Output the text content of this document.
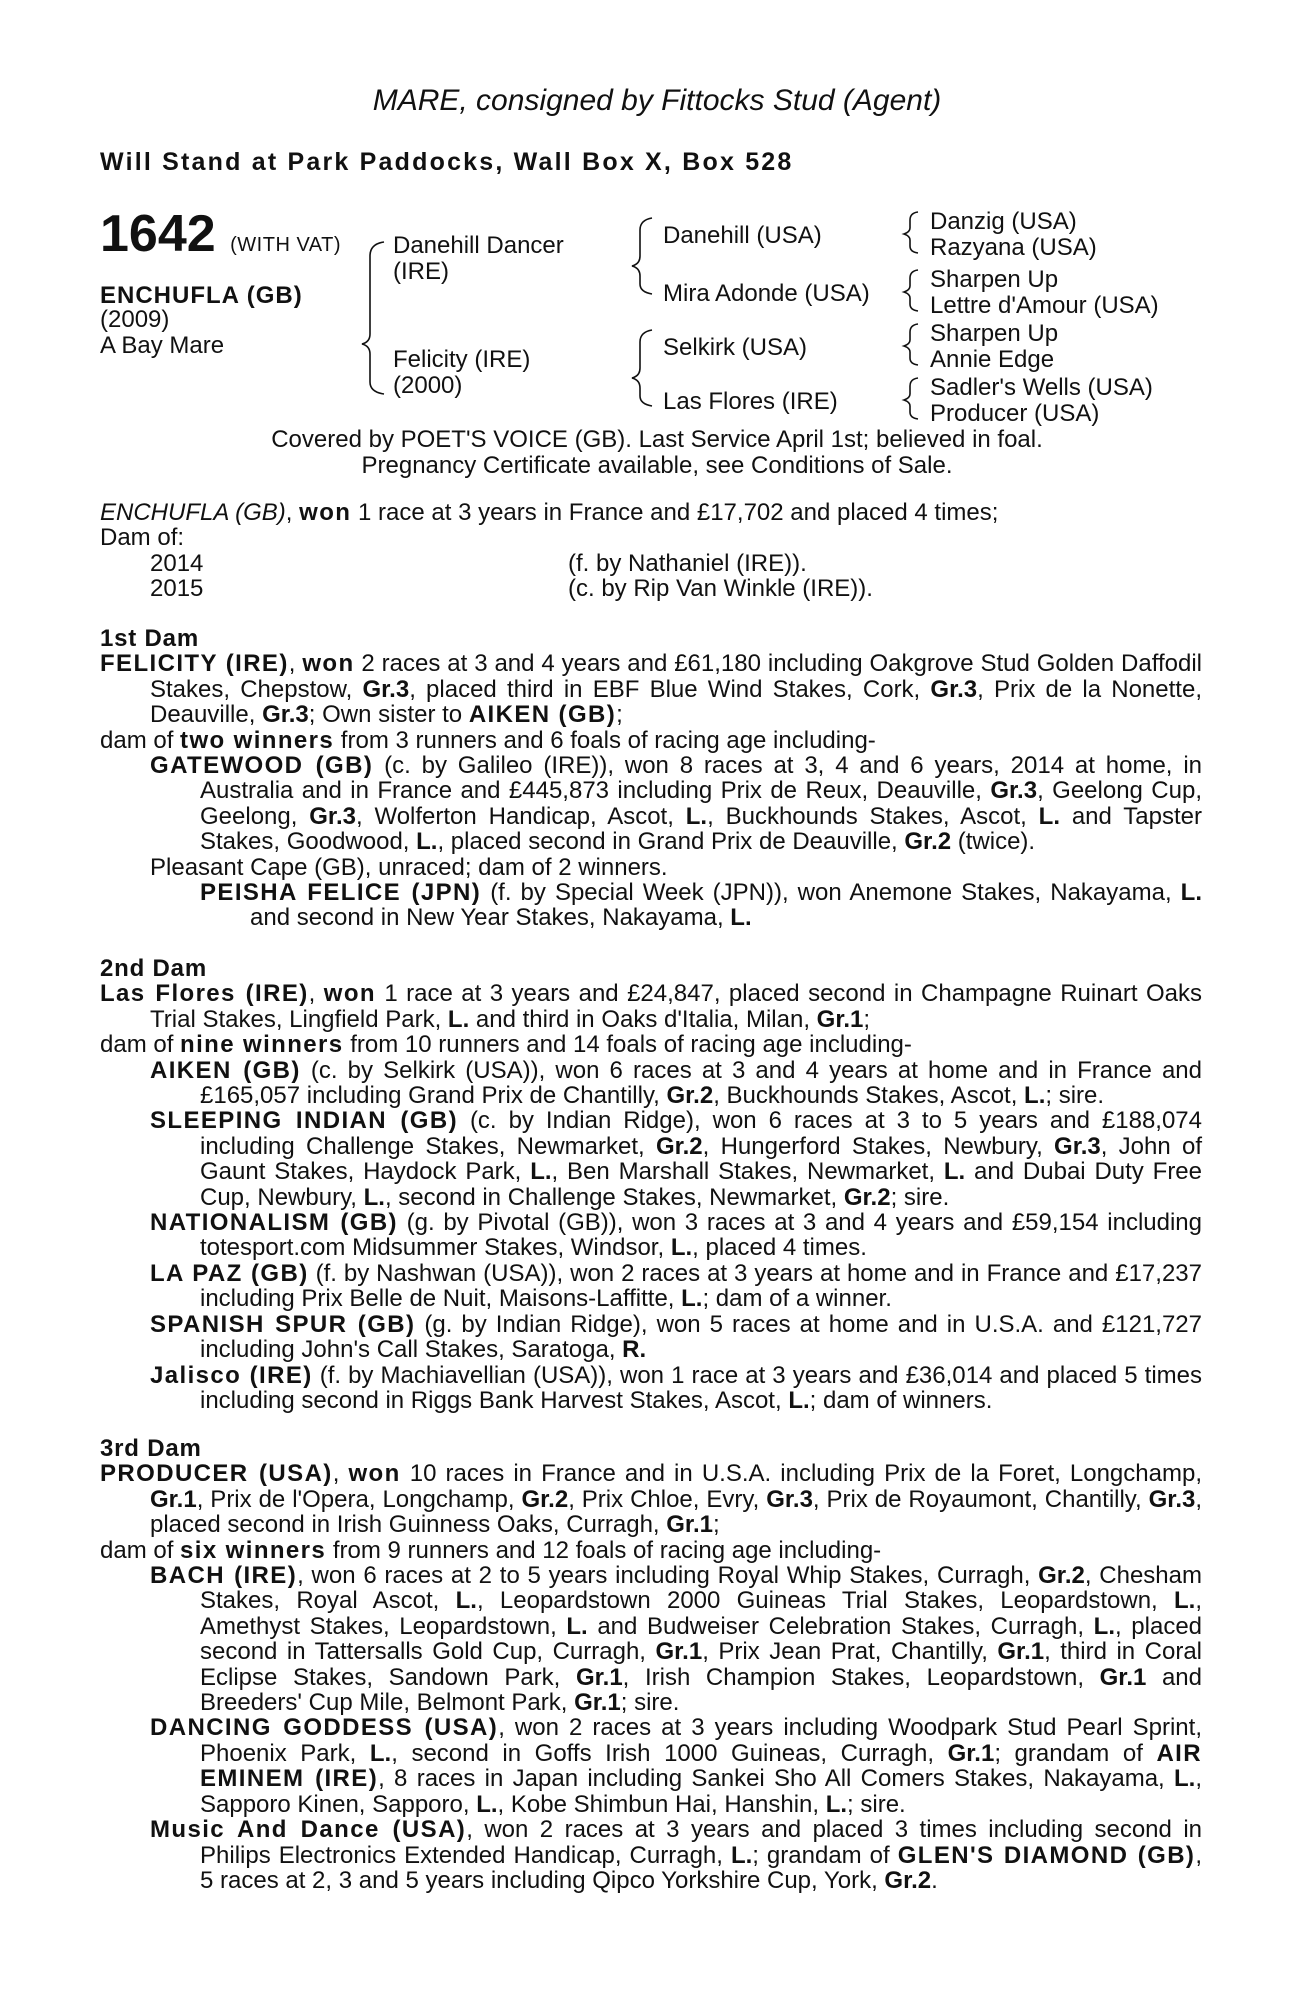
MARE, consigned by Fittocks Stud (Agent)
Will Stand at Park Paddocks, Wall Box X, Box 528
1642 (WITH VAT)
ENCHUFLA (GB)
(2009)
A Bay Mare
Danehill Dancer
(IRE)
Felicity (IRE)
(2000)
Danehill (USA)
Mira Adonde (USA)
Selkirk (USA)
Las Flores (IRE)
Danzig (USA)
Razyana (USA)
Sharpen Up
Lettre d'Amour (USA)
Sharpen Up
Annie Edge
Sadler's Wells (USA)
Producer (USA)
Covered by POET'S VOICE (GB). Last Service April 1st; believed in foal.
Pregnancy Certificate available, see Conditions of Sale.
ENCHUFLA (GB), won 1 race at 3 years in France and £17,702 and placed 4 times;
Dam of:
2014	(f. by Nathaniel (IRE)).
2015	(c. by Rip Van Winkle (IRE)).
1st Dam
FELICITY (IRE), won 2 races at 3 and 4 years and £61,180 including Oakgrove Stud Golden Daffodil Stakes, Chepstow, Gr.3, placed third in EBF Blue Wind Stakes, Cork, Gr.3, Prix de la Nonette, Deauville, Gr.3; Own sister to AIKEN (GB);
dam of two winners from 3 runners and 6 foals of racing age including-
GATEWOOD (GB) (c. by Galileo (IRE)), won 8 races at 3, 4 and 6 years, 2014 at home, in Australia and in France and £445,873 including Prix de Reux, Deauville, Gr.3, Geelong Cup, Geelong, Gr.3, Wolferton Handicap, Ascot, L., Buckhounds Stakes, Ascot, L. and Tapster Stakes, Goodwood, L., placed second in Grand Prix de Deauville, Gr.2 (twice).
Pleasant Cape (GB), unraced; dam of 2 winners.
PEISHA FELICE (JPN) (f. by Special Week (JPN)), won Anemone Stakes, Nakayama, L. and second in New Year Stakes, Nakayama, L.
2nd Dam
Las Flores (IRE), won 1 race at 3 years and £24,847, placed second in Champagne Ruinart Oaks Trial Stakes, Lingfield Park, L. and third in Oaks d'Italia, Milan, Gr.1;
dam of nine winners from 10 runners and 14 foals of racing age including-
AIKEN (GB) (c. by Selkirk (USA)), won 6 races at 3 and 4 years at home and in France and £165,057 including Grand Prix de Chantilly, Gr.2, Buckhounds Stakes, Ascot, L.; sire.
SLEEPING INDIAN (GB) (c. by Indian Ridge), won 6 races at 3 to 5 years and £188,074 including Challenge Stakes, Newmarket, Gr.2, Hungerford Stakes, Newbury, Gr.3, John of Gaunt Stakes, Haydock Park, L., Ben Marshall Stakes, Newmarket, L. and Dubai Duty Free Cup, Newbury, L., second in Challenge Stakes, Newmarket, Gr.2; sire.
NATIONALISM (GB) (g. by Pivotal (GB)), won 3 races at 3 and 4 years and £59,154 including totesport.com Midsummer Stakes, Windsor, L., placed 4 times.
LA PAZ (GB) (f. by Nashwan (USA)), won 2 races at 3 years at home and in France and £17,237 including Prix Belle de Nuit, Maisons-Laffitte, L.; dam of a winner.
SPANISH SPUR (GB) (g. by Indian Ridge), won 5 races at home and in U.S.A. and £121,727 including John's Call Stakes, Saratoga, R.
Jalisco (IRE) (f. by Machiavellian (USA)), won 1 race at 3 years and £36,014 and placed 5 times including second in Riggs Bank Harvest Stakes, Ascot, L.; dam of winners.
3rd Dam
PRODUCER (USA), won 10 races in France and in U.S.A. including Prix de la Foret, Longchamp, Gr.1, Prix de l'Opera, Longchamp, Gr.2, Prix Chloe, Evry, Gr.3, Prix de Royaumont, Chantilly, Gr.3, placed second in Irish Guinness Oaks, Curragh, Gr.1;
dam of six winners from 9 runners and 12 foals of racing age including-
BACH (IRE), won 6 races at 2 to 5 years including Royal Whip Stakes, Curragh, Gr.2, Chesham Stakes, Royal Ascot, L., Leopardstown 2000 Guineas Trial Stakes, Leopardstown, L., Amethyst Stakes, Leopardstown, L. and Budweiser Celebration Stakes, Curragh, L., placed second in Tattersalls Gold Cup, Curragh, Gr.1, Prix Jean Prat, Chantilly, Gr.1, third in Coral Eclipse Stakes, Sandown Park, Gr.1, Irish Champion Stakes, Leopardstown, Gr.1 and Breeders' Cup Mile, Belmont Park, Gr.1; sire.
DANCING GODDESS (USA), won 2 races at 3 years including Woodpark Stud Pearl Sprint, Phoenix Park, L., second in Goffs Irish 1000 Guineas, Curragh, Gr.1; grandam of AIR EMINEM (IRE), 8 races in Japan including Sankei Sho All Comers Stakes, Nakayama, L., Sapporo Kinen, Sapporo, L., Kobe Shimbun Hai, Hanshin, L.; sire.
Music And Dance (USA), won 2 races at 3 years and placed 3 times including second in Philips Electronics Extended Handicap, Curragh, L.; grandam of GLEN'S DIAMOND (GB), 5 races at 2, 3 and 5 years including Qipco Yorkshire Cup, York, Gr.2.
